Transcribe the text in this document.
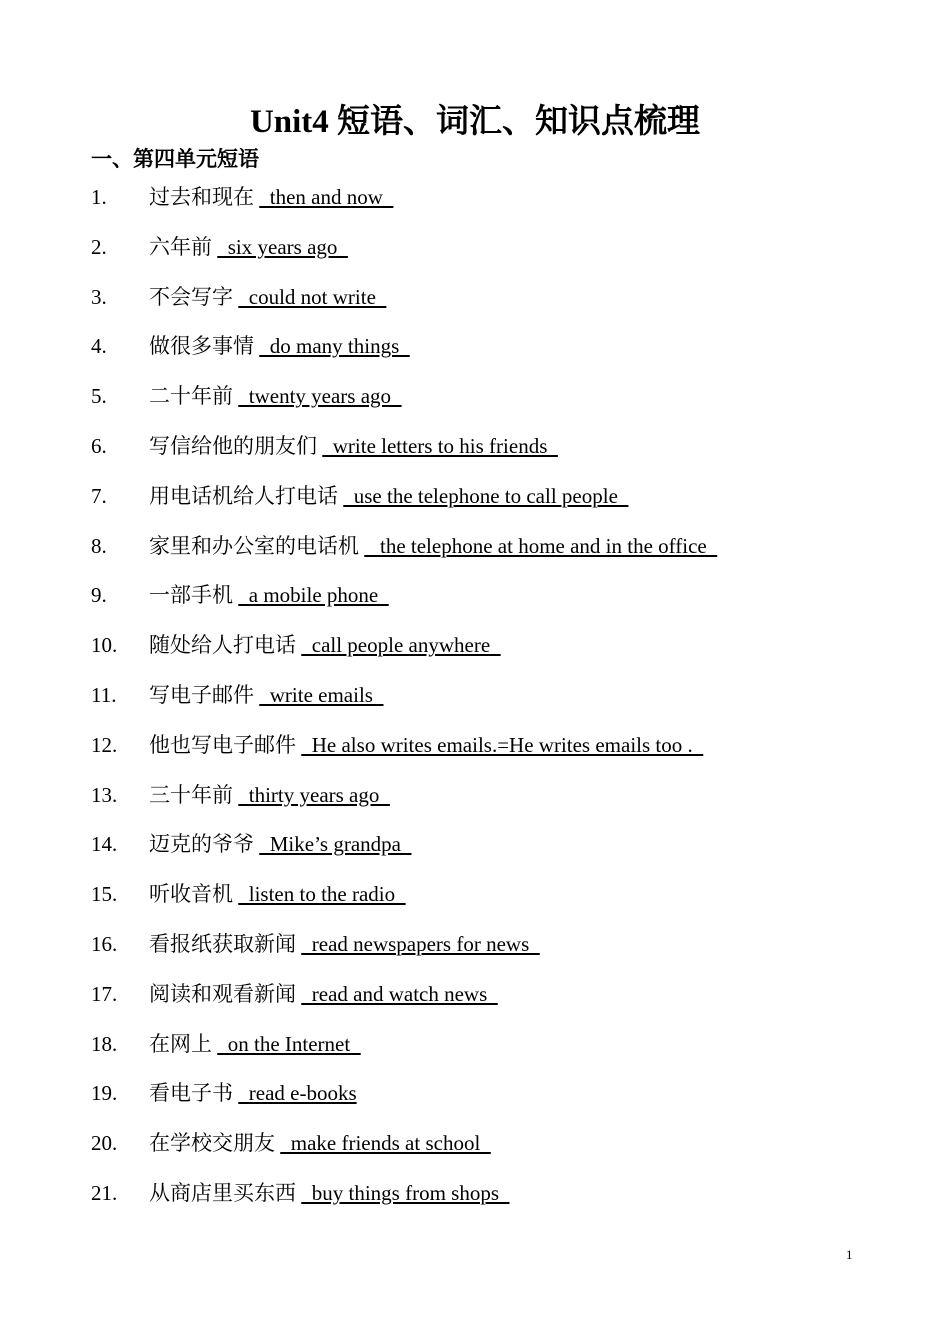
Unit4 短语、词汇、知识点梳理
一、第四单元短语
1. 过去和现在   then and now
2. 六年前   six years ago
3. 不会写字   could not write
4. 做很多事情   do many things
5. 二十年前   twenty years ago
6. 写信给他的朋友们   write letters to his friends
7. 用电话机给人打电话   use the telephone to call people
8. 家里和办公室的电话机    the telephone at home and in the office
9. 一部手机   a mobile phone
10. 随处给人打电话   call people anywhere
11. 写电子邮件   write emails
12. 他也写电子邮件   He also writes emails.=He writes emails too .
13. 三十年前   thirty years ago
14. 迈克的爷爷   Mike’s grandpa
15. 听收音机   listen to the radio
16. 看报纸获取新闻   read newspapers for news
17. 阅读和观看新闻   read and watch news
18. 在网上   on the Internet
19. 看电子书   read e-books
20. 在学校交朋友   make friends at school
21. 从商店里买东西   buy things from shops
1
